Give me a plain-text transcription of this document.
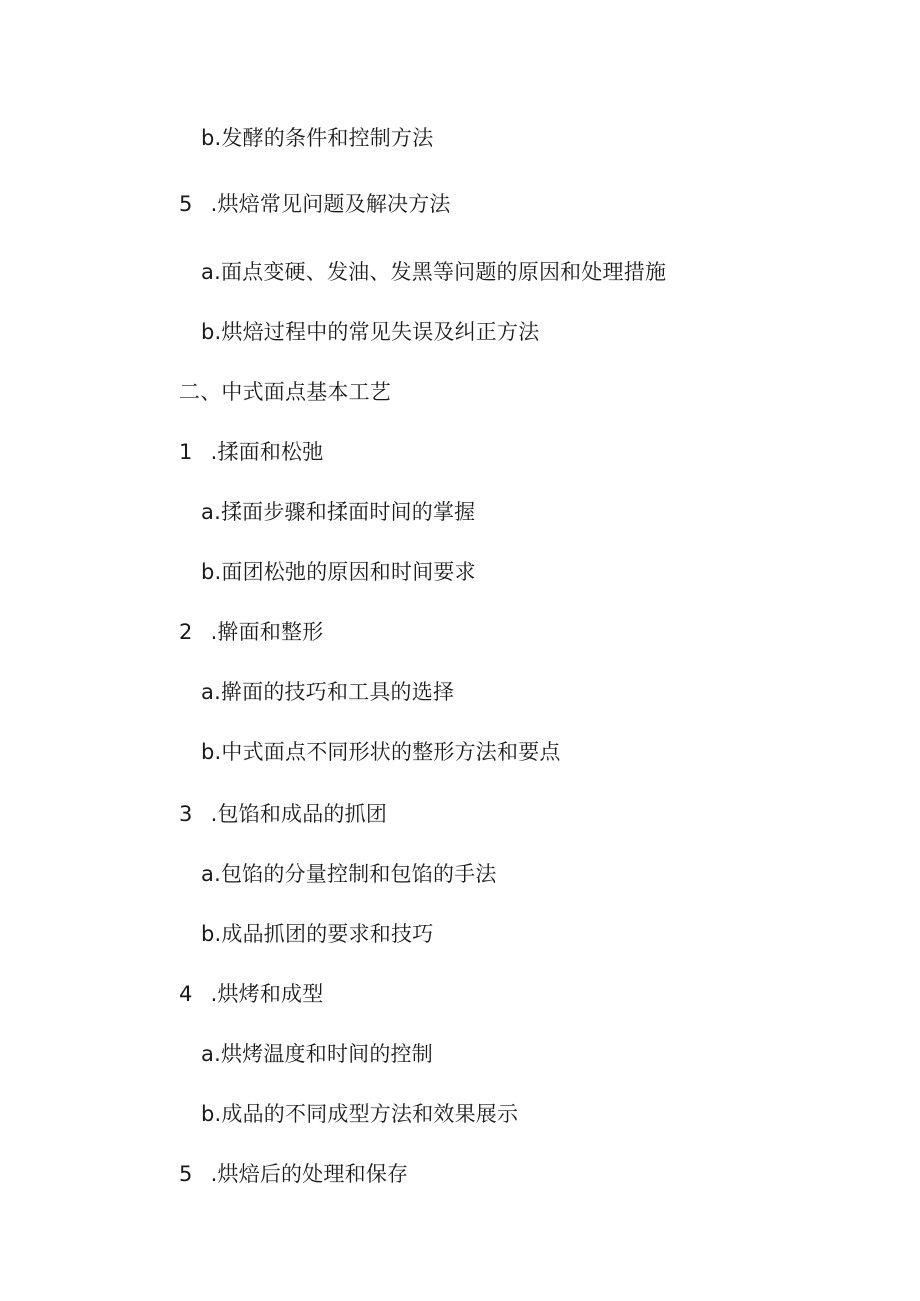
b.发酵的条件和控制方法
5 .烘焙常见问题及解决方法
a.面点变硬、发油、发黑等问题的原因和处理措施
b.烘焙过程中的常见失误及纠正方法
二、中式面点基本工艺
1 .揉面和松弛
a.揉面步骤和揉面时间的掌握
b.面团松弛的原因和时间要求
2 .擀面和整形
a.擀面的技巧和工具的选择
b.中式面点不同形状的整形方法和要点
3 .包馅和成品的抓团
a.包馅的分量控制和包馅的手法
b.成品抓团的要求和技巧
4 .烘烤和成型
a.烘烤温度和时间的控制
b.成品的不同成型方法和效果展示
5 .烘焙后的处理和保存
